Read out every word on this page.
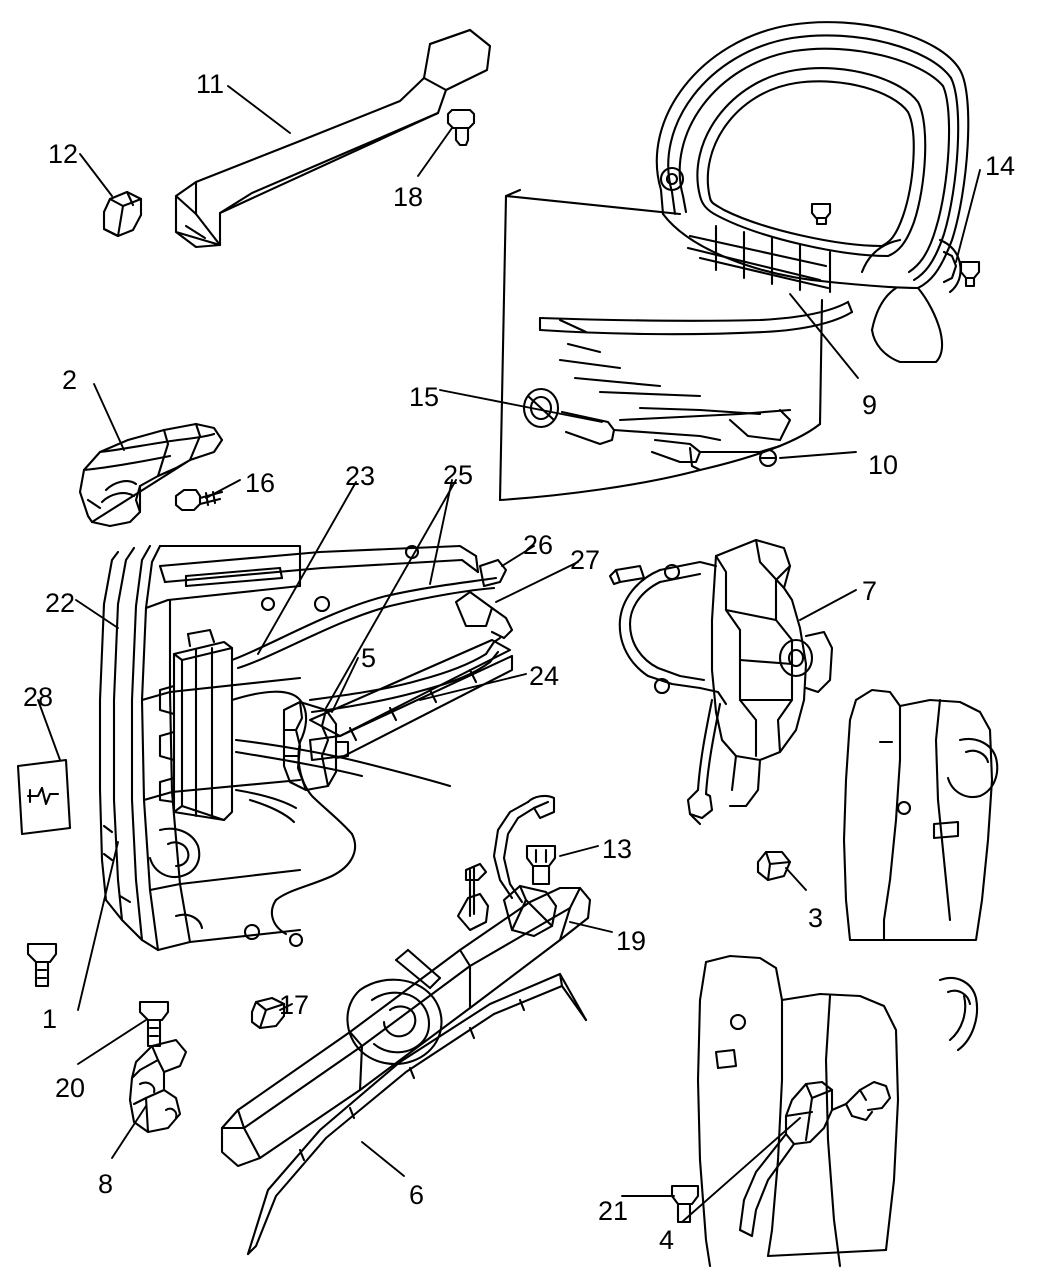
1
2
3
4
5
6
7
8
9
10
11
12
13
14
15
16
17
18
19
20
21
22
23
24
25
26 27
28
